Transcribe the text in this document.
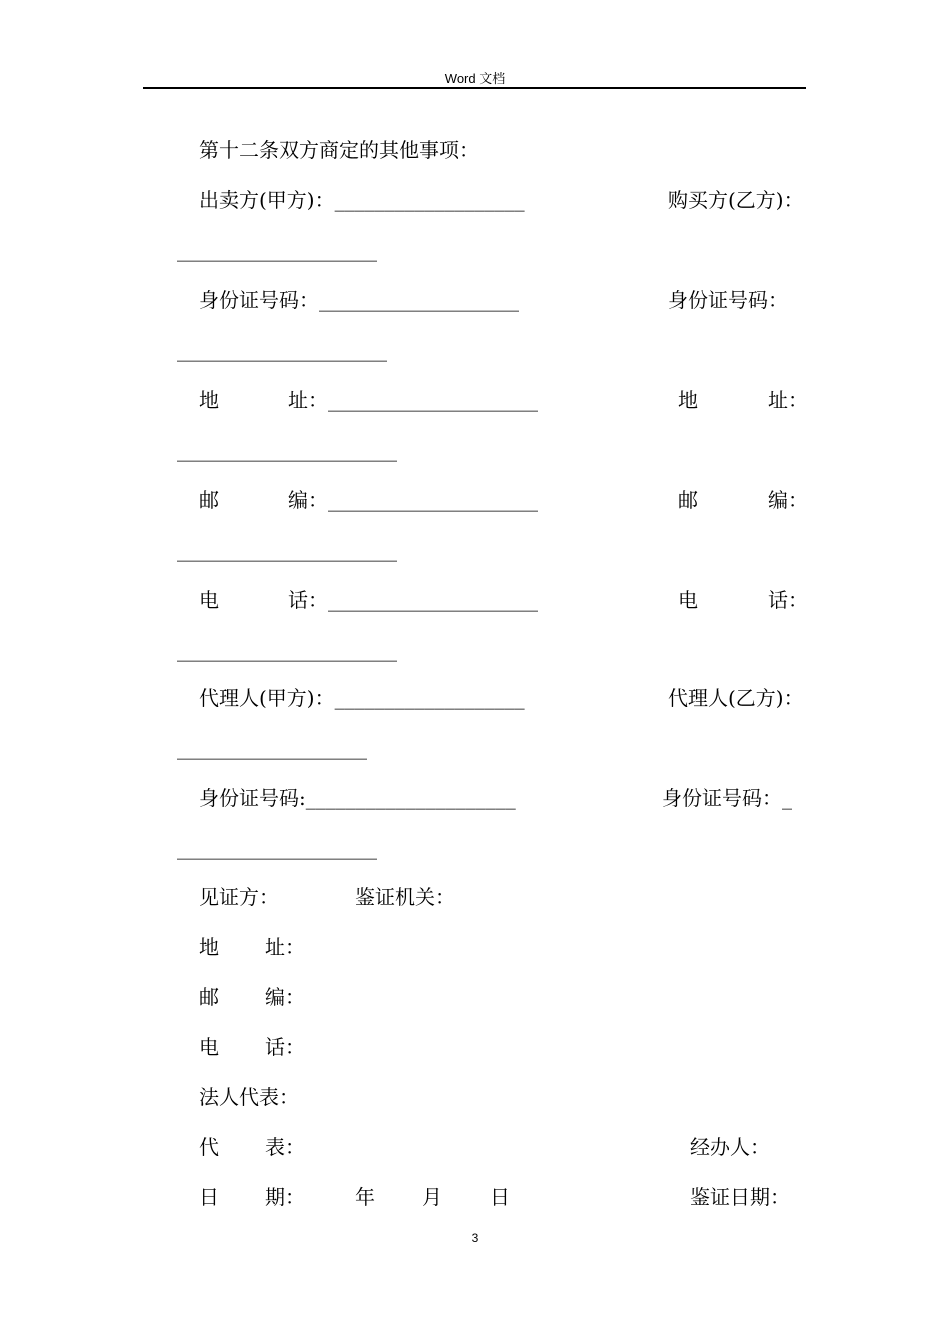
Word 文档
第十二条双方商定的其他事项：
出卖方(甲方)：___________________	购买方(乙方)：
____________________
身份证号码：____________________	身份证号码：
_____________________
地	址：_____________________	地	址：
______________________
邮	编：_____________________	邮	编：
______________________
电	话：_____________________	电	话：
______________________
代理人(甲方)：___________________	代理人(乙方)：
___________________
身份证号码:_____________________	身份证号码：_
____________________
见证方：	鉴证机关：
地 址：
邮 编：
电 话：
法人代表：
代 表：	经办人：
日 期：	年 月 日	鉴证日期：
3
